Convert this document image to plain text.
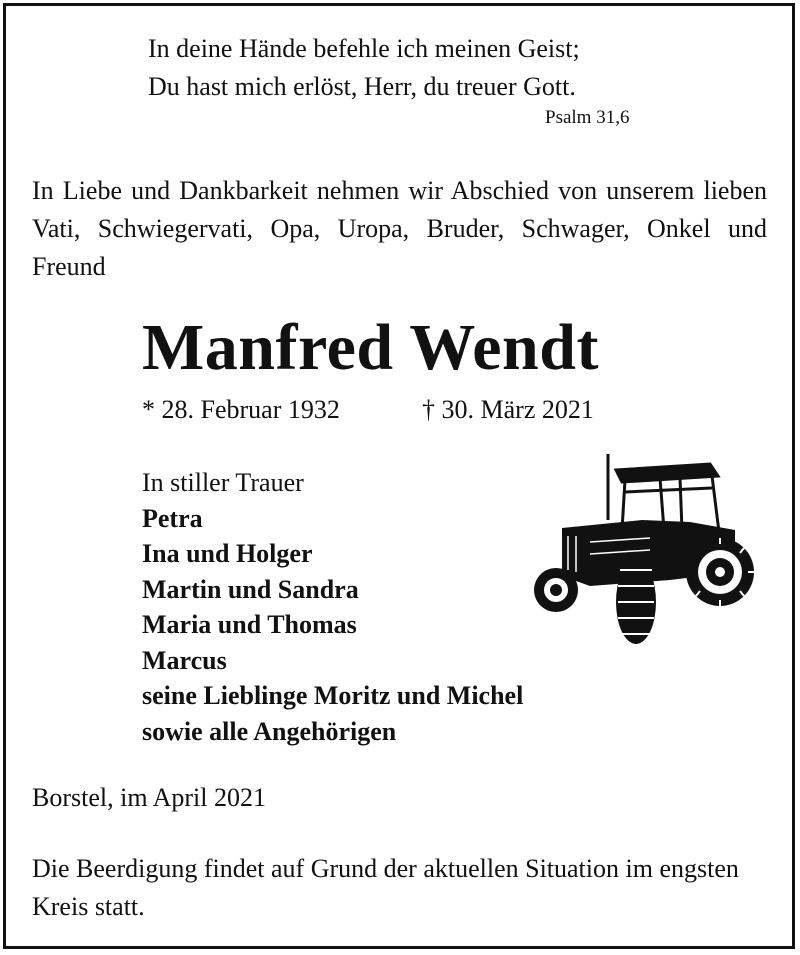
In deine Hände befehle ich meinen Geist;
Du hast mich erlöst, Herr, du treuer Gott.
Psalm 31,6
In Liebe und Dankbarkeit nehmen wir Abschied von unserem lieben Vati, Schwiegervati, Opa, Uropa, Bruder, Schwager, Onkel und Freund
Manfred Wendt
* 28. Februar 1932	† 30. März 2021
In stiller Trauer
Petra
Ina und Holger
Martin und Sandra
Maria und Thomas
Marcus
seine Lieblinge Moritz und Michel
sowie alle Angehörigen
Borstel, im April 2021
Die Beerdigung findet auf Grund der aktuellen Situation im engsten Kreis statt.
